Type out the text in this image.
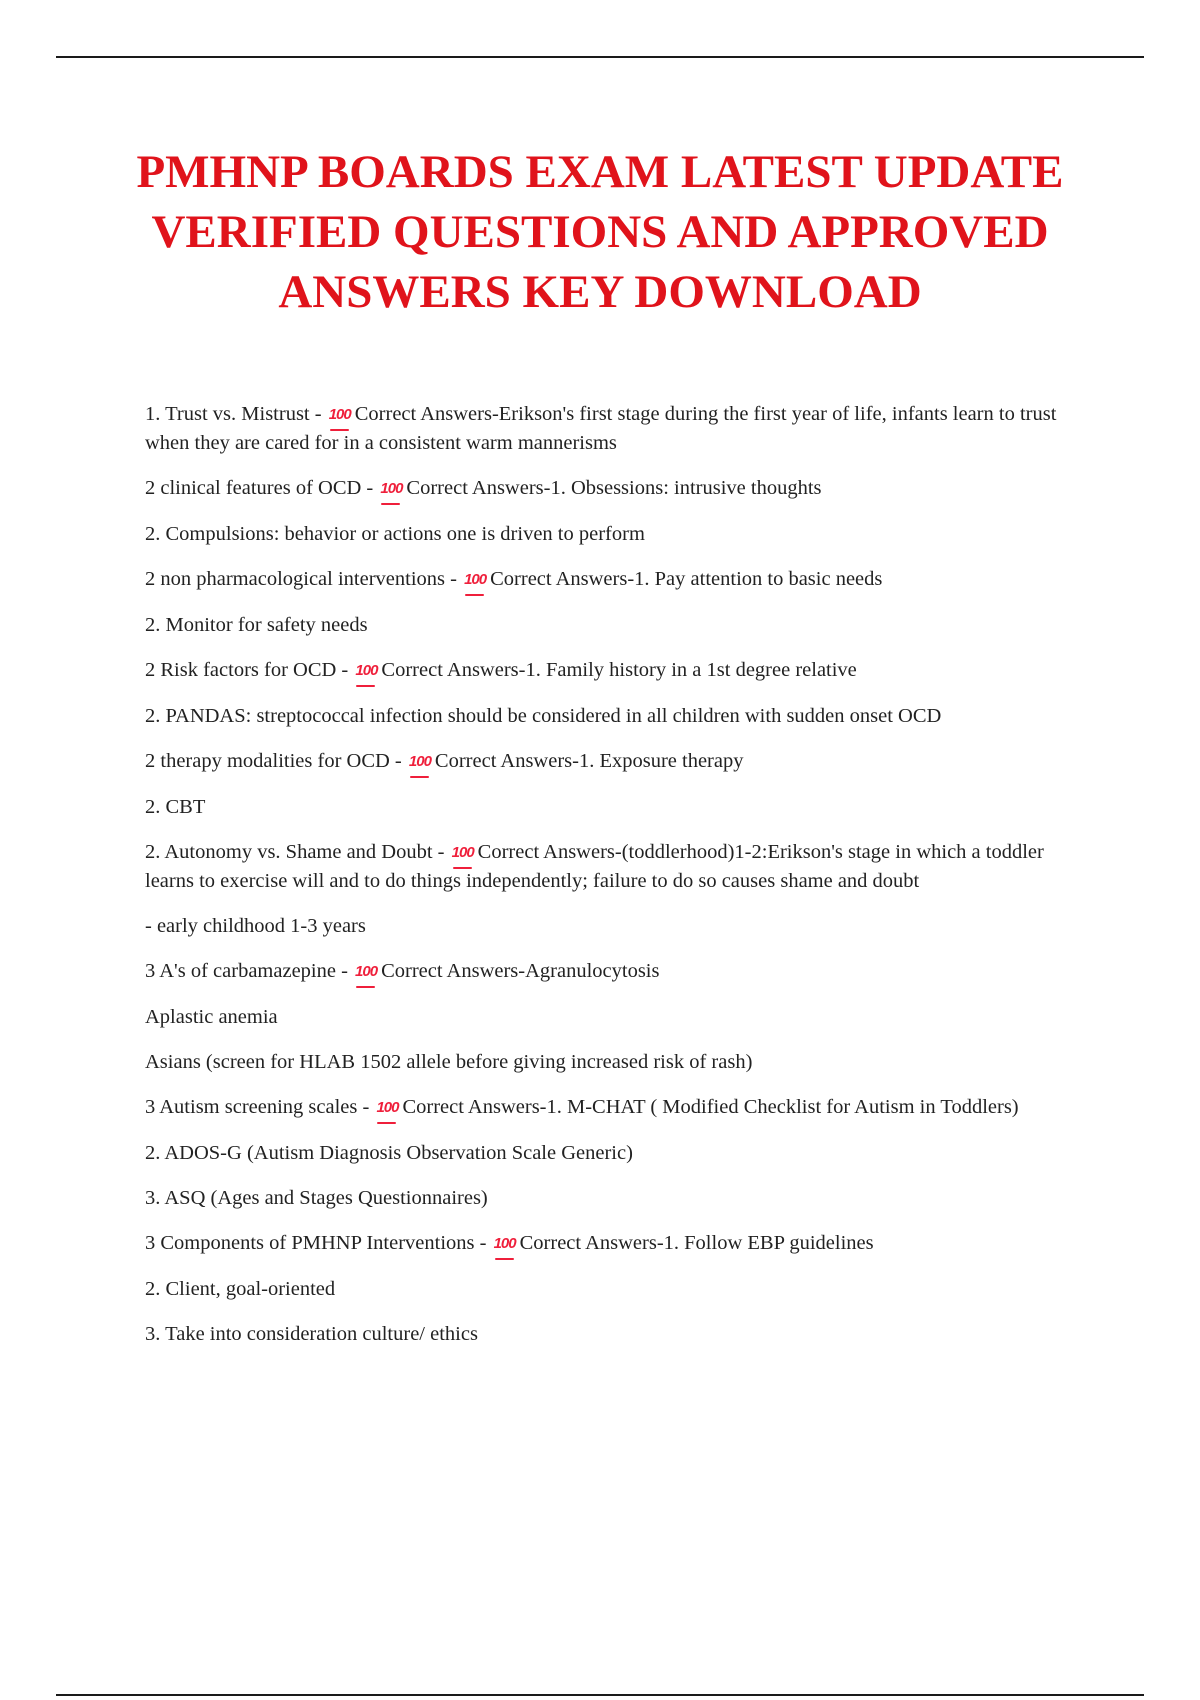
PMHNP BOARDS EXAM LATEST UPDATE VERIFIED QUESTIONS AND APPROVED ANSWERS KEY DOWNLOAD

1. Trust vs. Mistrust - 100 Correct Answers-Erikson's first stage during the first year of life, infants learn to trust when they are cared for in a consistent warm mannerisms

2 clinical features of OCD - 100 Correct Answers-1. Obsessions: intrusive thoughts

2. Compulsions: behavior or actions one is driven to perform

2 non pharmacological interventions - 100 Correct Answers-1. Pay attention to basic needs

2. Monitor for safety needs

2 Risk factors for OCD - 100 Correct Answers-1. Family history in a 1st degree relative

2. PANDAS: streptococcal infection should be considered in all children with sudden onset OCD

2 therapy modalities for OCD - 100 Correct Answers-1. Exposure therapy

2. CBT

2. Autonomy vs. Shame and Doubt - 100 Correct Answers-(toddlerhood)1-2:Erikson's stage in which a toddler learns to exercise will and to do things independently; failure to do so causes shame and doubt

- early childhood 1-3 years

3 A's of carbamazepine - 100 Correct Answers-Agranulocytosis

Aplastic anemia

Asians (screen for HLAB 1502 allele before giving increased risk of rash)

3 Autism screening scales - 100 Correct Answers-1. M-CHAT ( Modified Checklist for Autism in Toddlers)

2. ADOS-G (Autism Diagnosis Observation Scale Generic)

3. ASQ (Ages and Stages Questionnaires)

3 Components of PMHNP Interventions - 100 Correct Answers-1. Follow EBP guidelines

2. Client, goal-oriented

3. Take into consideration culture/ ethics
